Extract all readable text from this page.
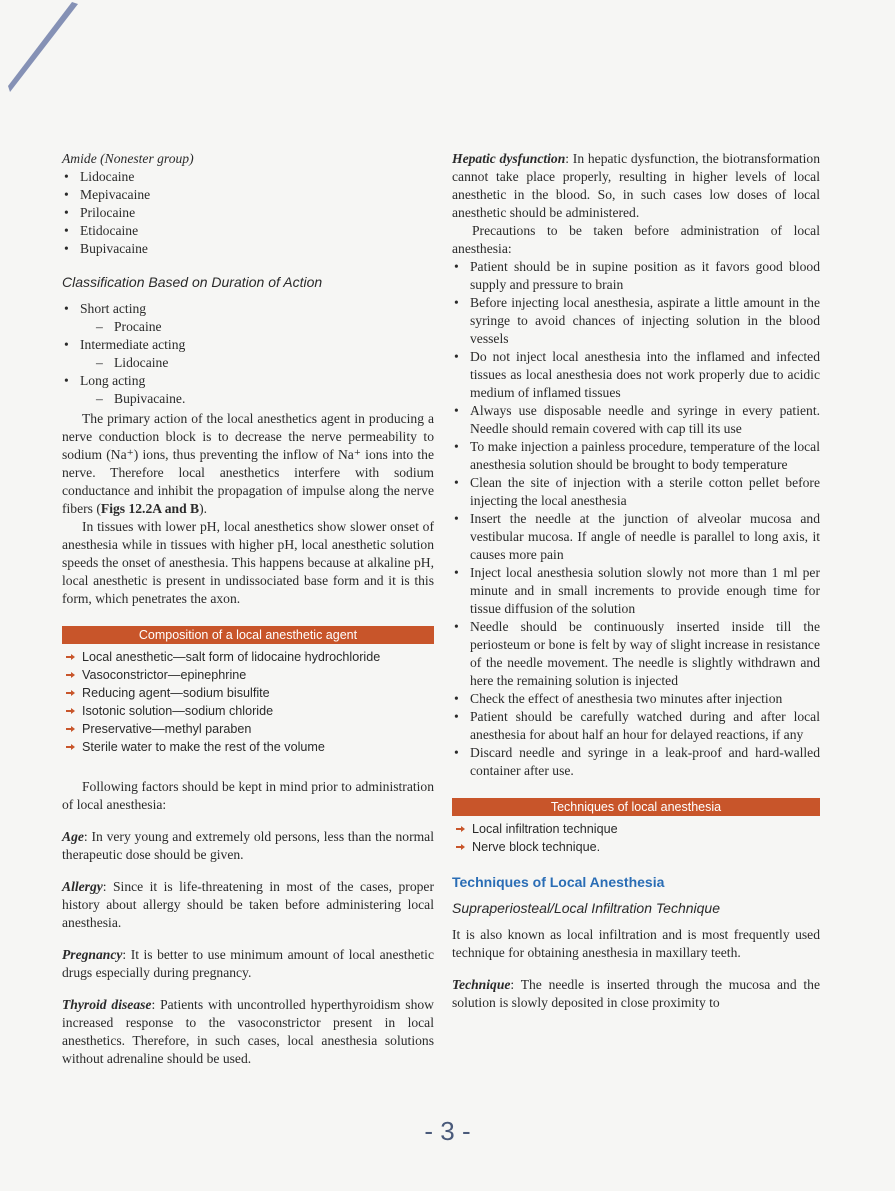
Amide (Nonester group)

• Lidocaine
• Mepivacaine
• Prilocaine
• Etidocaine
• Bupivacaine

Classification Based on Duration of Action

• Short acting
– Procaine
• Intermediate acting
– Lidocaine
• Long acting
– Bupivacaine.

The primary action of the local anesthetics agent in producing a nerve conduction block is to decrease the nerve permeability to sodium (Na⁺) ions, thus preventing the inflow of Na⁺ ions into the nerve. Therefore local anesthetics interfere with sodium conductance and inhibit the propagation of impulse along the nerve fibers (Figs 12.2A and B).

In tissues with lower pH, local anesthetics show slower onset of anesthesia while in tissues with higher pH, local anesthetic solution speeds the onset of anesthesia. This happens because at alkaline pH, local anesthetic is present in undissociated base form and it is this form, which penetrates the axon.

Composition of a local anesthetic agent
Local anesthetic—salt form of lidocaine hydrochloride
Vasoconstrictor—epinephrine
Reducing agent—sodium bisulfite
Isotonic solution—sodium chloride
Preservative—methyl paraben
Sterile water to make the rest of the volume

Following factors should be kept in mind prior to administration of local anesthesia:

Age: In very young and extremely old persons, less than the normal therapeutic dose should be given.

Allergy: Since it is life-threatening in most of the cases, proper history about allergy should be taken before administering local anesthesia.

Pregnancy: It is better to use minimum amount of local anesthetic drugs especially during pregnancy.

Thyroid disease: Patients with uncontrolled hyperthyroidism show increased response to the vasoconstrictor present in local anesthetics. Therefore, in such cases, local anesthesia solutions without adrenaline should be used.

Hepatic dysfunction: In hepatic dysfunction, the biotransformation cannot take place properly, resulting in higher levels of local anesthetic in the blood. So, in such cases low doses of local anesthetic should be administered.

Precautions to be taken before administration of local anesthesia:

• Patient should be in supine position as it favors good blood supply and pressure to brain
• Before injecting local anesthesia, aspirate a little amount in the syringe to avoid chances of injecting solution in the blood vessels
• Do not inject local anesthesia into the inflamed and infected tissues as local anesthesia does not work properly due to acidic medium of inflamed tissues
• Always use disposable needle and syringe in every patient. Needle should remain covered with cap till its use
• To make injection a painless procedure, temperature of the local anesthesia solution should be brought to body temperature
• Clean the site of injection with a sterile cotton pellet before injecting the local anesthesia
• Insert the needle at the junction of alveolar mucosa and vestibular mucosa. If angle of needle is parallel to long axis, it causes more pain
• Inject local anesthesia solution slowly not more than 1 ml per minute and in small increments to provide enough time for tissue diffusion of the solution
• Needle should be continuously inserted inside till the periosteum or bone is felt by way of slight increase in resistance of the needle movement. The needle is slightly withdrawn and here the remaining solution is injected
• Check the effect of anesthesia two minutes after injection
• Patient should be carefully watched during and after local anesthesia for about half an hour for delayed reactions, if any
• Discard needle and syringe in a leak-proof and hard-walled container after use.
Techniques of local anesthesia
Local infiltration technique
Nerve block technique.

Techniques of Local Anesthesia

Supraperiosteal/Local Infiltration Technique

It is also known as local infiltration and is most frequently used technique for obtaining anesthesia in maxillary teeth.

Technique: The needle is inserted through the mucosa and the solution is slowly deposited in close proximity to

- 3 -
